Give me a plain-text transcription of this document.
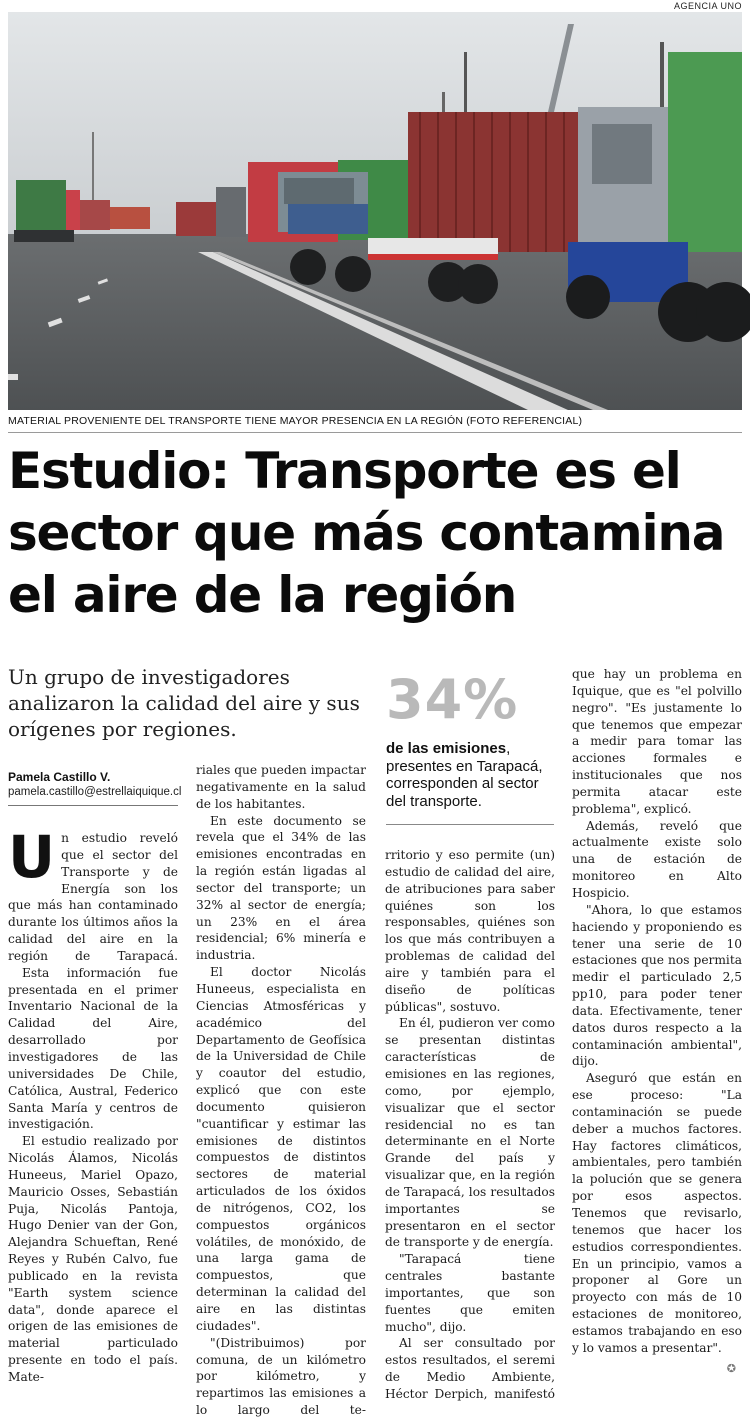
AGENCIA UNO
MATERIAL PROVENIENTE DEL TRANSPORTE TIENE MAYOR PRESENCIA EN LA REGIÓN (FOTO REFERENCIAL)
Estudio: Transporte es el
sector que más contamina
el aire de la región
Un grupo de investigadores
analizaron la calidad del aire y sus
orígenes por regiones.
Pamela Castillo V.
pamela.castillo@estrellaiquique.cl
34%
de las emisiones, presentes en Tarapacá, corresponden al sector del transporte.

Un estudio reveló que el sector del Transporte y de Energía son los que más han contaminado durante los últimos años la calidad del aire en la región de Tarapacá.

Esta información fue presentada en el primer Inventario Nacional de la Calidad del Aire, desarrollado por investigadores de las universidades De Chile, Católica, Austral, Federico Santa María y centros de investigación.

El estudio realizado por Nicolás Álamos, Nicolás Huneeus, Mariel Opazo, Mauricio Osses, Sebastián Puja, Nicolás Pantoja, Hugo Denier van der Gon, Alejandra Schueftan, René Reyes y Rubén Calvo, fue publicado en la revista "Earth system science data", donde aparece el origen de las emisiones de material particulado presente en todo el país. Mate-

riales que pueden impactar negativamente en la salud de los habitantes.

En este documento se revela que el 34% de las emisiones encontradas en la región están ligadas al sector del transporte; un 32% al sector de energía; un 23% en el área residencial; 6% minería e industria.

El doctor Nicolás Huneeus, especialista en Ciencias Atmosféricas y académico del Departamento de Geofísica de la Universidad de Chile y coautor del estudio, explicó que con este documento quisieron "cuantificar y estimar las emisiones de distintos compuestos de distintos sectores de material articulados de los óxidos de nitrógenos, CO2, los compuestos orgánicos volátiles, de monóxido, de una larga gama de compuestos, que determinan la calidad del aire en las distintas ciudades".

"(Distribuimos) por comuna, de un kilómetro por kilómetro, y repartimos las emisiones a lo largo del te-

rritorio y eso permite (un) estudio de calidad del aire, de atribuciones para saber quiénes son los responsables, quiénes son los que más contribuyen a problemas de calidad del aire y también para el diseño de políticas públicas", sostuvo.

En él, pudieron ver como se presentan distintas características de emisiones en las regiones, como, por ejemplo, visualizar que el sector residencial no es tan determinante en el Norte Grande del país y visualizar que, en la región de Tarapacá, los resultados importantes se presentaron en el sector de transporte y de energía.

"Tarapacá tiene centrales bastante importantes, que son fuentes que emiten mucho", dijo.

Al ser consultado por estos resultados, el seremi de Medio Ambiente, Héctor Derpich, manifestó

que hay un problema en Iquique, que es "el polvillo negro". "Es justamente lo que tenemos que empezar a medir para tomar las acciones formales e institucionales que nos permita atacar este problema", explicó.

Además, reveló que actualmente existe solo una de estación de monitoreo en Alto Hospicio.

"Ahora, lo que estamos haciendo y proponiendo es tener una serie de 10 estaciones que nos permita medir el particulado 2,5 pp10, para poder tener data. Efectivamente, tener datos duros respecto a la contaminación ambiental", dijo.

Aseguró que están en ese proceso: "La contaminación se puede deber a muchos factores. Hay factores climáticos, ambientales, pero también la polución que se genera por esos aspectos. Tenemos que revisarlo, tenemos que hacer los estudios correspondientes. En un principio, vamos a proponer al Gore un proyecto con más de 10 estaciones de monitoreo, estamos trabajando en eso y lo vamos a presentar".

✪
